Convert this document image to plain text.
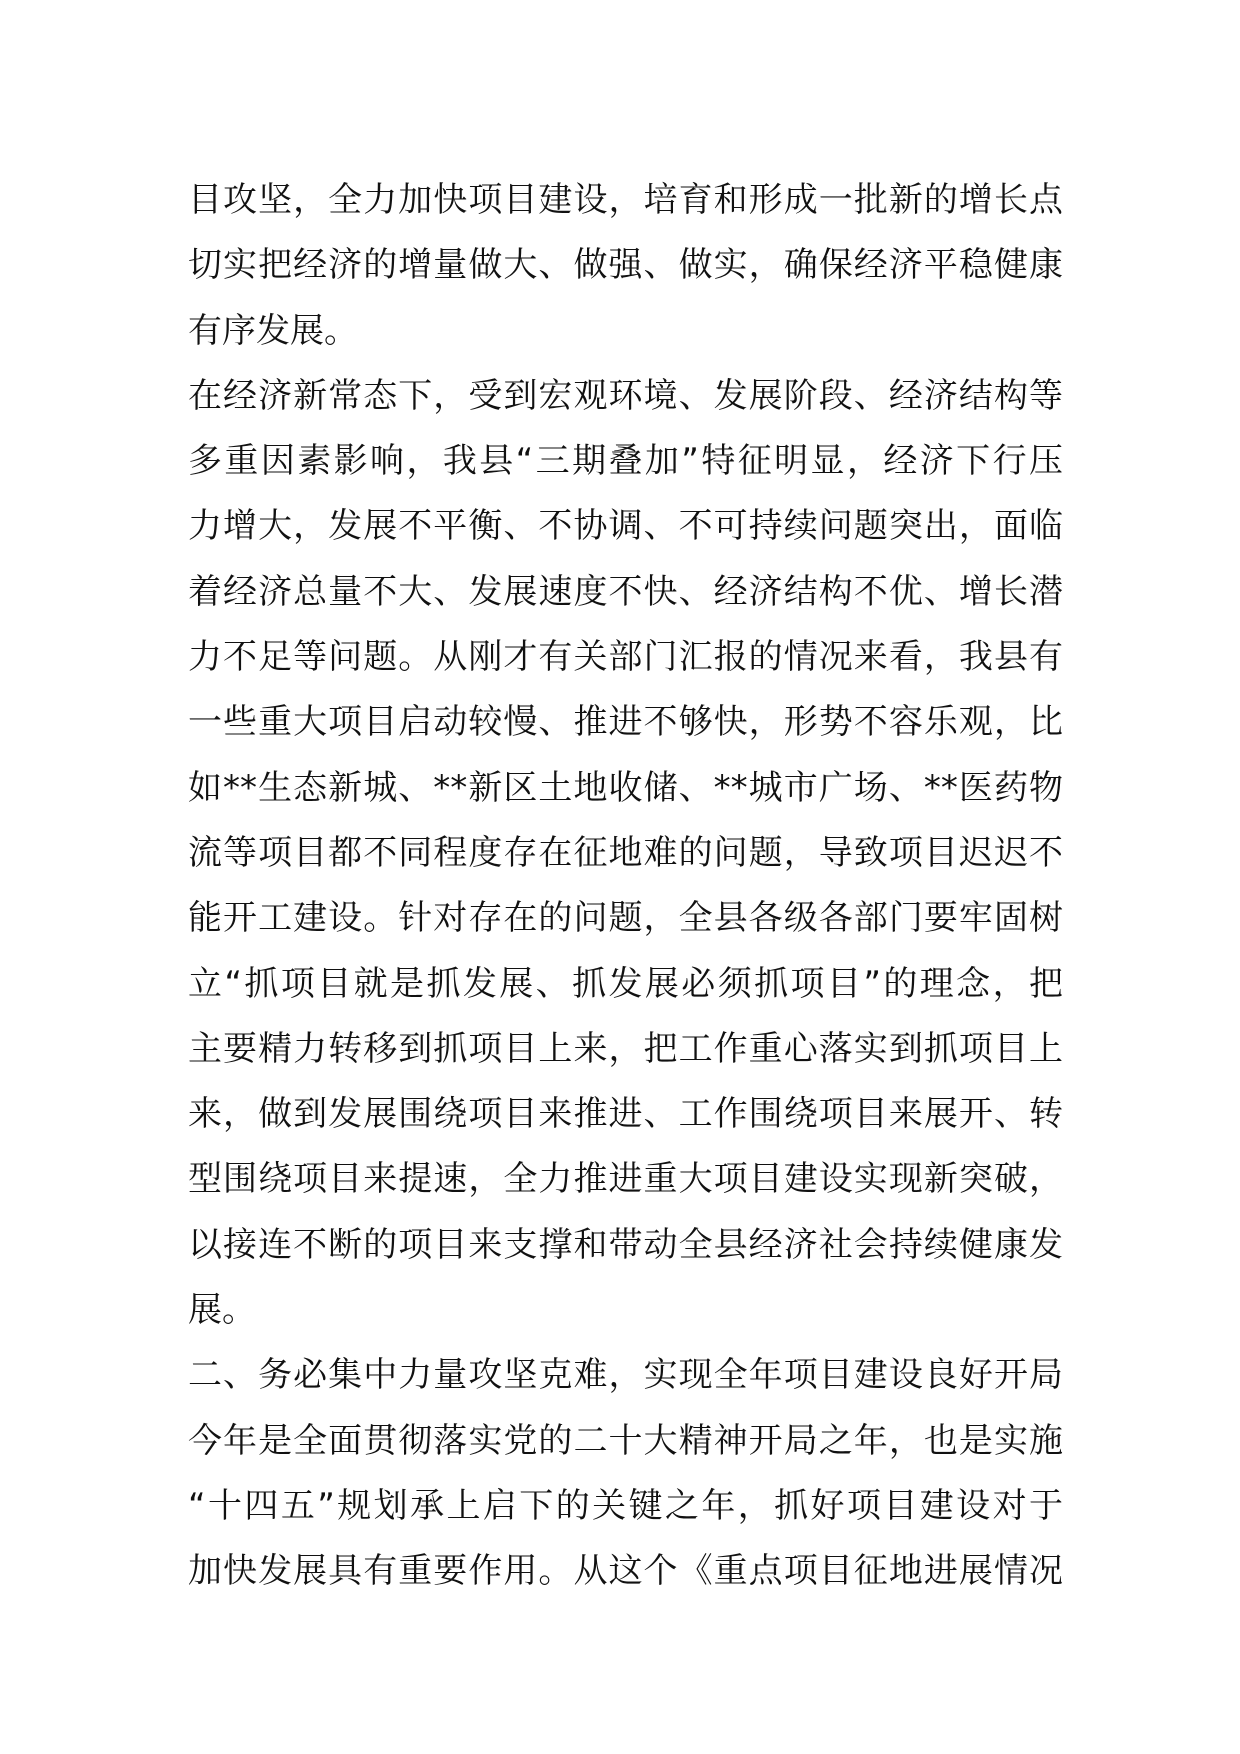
目攻坚，全力加快项目建设，培育和形成一批新的增长点
切实把经济的增量做大、做强、做实，确保经济平稳健康
有序发展。
在经济新常态下，受到宏观环境、发展阶段、经济结构等
多重因素影响，我县“三期叠加”特征明显，经济下行压
力增大，发展不平衡、不协调、不可持续问题突出，面临
着经济总量不大、发展速度不快、经济结构不优、增长潜
力不足等问题。从刚才有关部门汇报的情况来看，我县有
一些重大项目启动较慢、推进不够快，形势不容乐观，比
如**生态新城、**新区土地收储、**城市广场、**医药物
流等项目都不同程度存在征地难的问题，导致项目迟迟不
能开工建设。针对存在的问题，全县各级各部门要牢固树
立“抓项目就是抓发展、抓发展必须抓项目”的理念，把
主要精力转移到抓项目上来，把工作重心落实到抓项目上
来，做到发展围绕项目来推进、工作围绕项目来展开、转
型围绕项目来提速，全力推进重大项目建设实现新突破，
以接连不断的项目来支撑和带动全县经济社会持续健康发
展。
二、务必集中力量攻坚克难，实现全年项目建设良好开局
今年是全面贯彻落实党的二十大精神开局之年，也是实施
“十四五”规划承上启下的关键之年，抓好项目建设对于
加快发展具有重要作用。从这个《重点项目征地进展情况
